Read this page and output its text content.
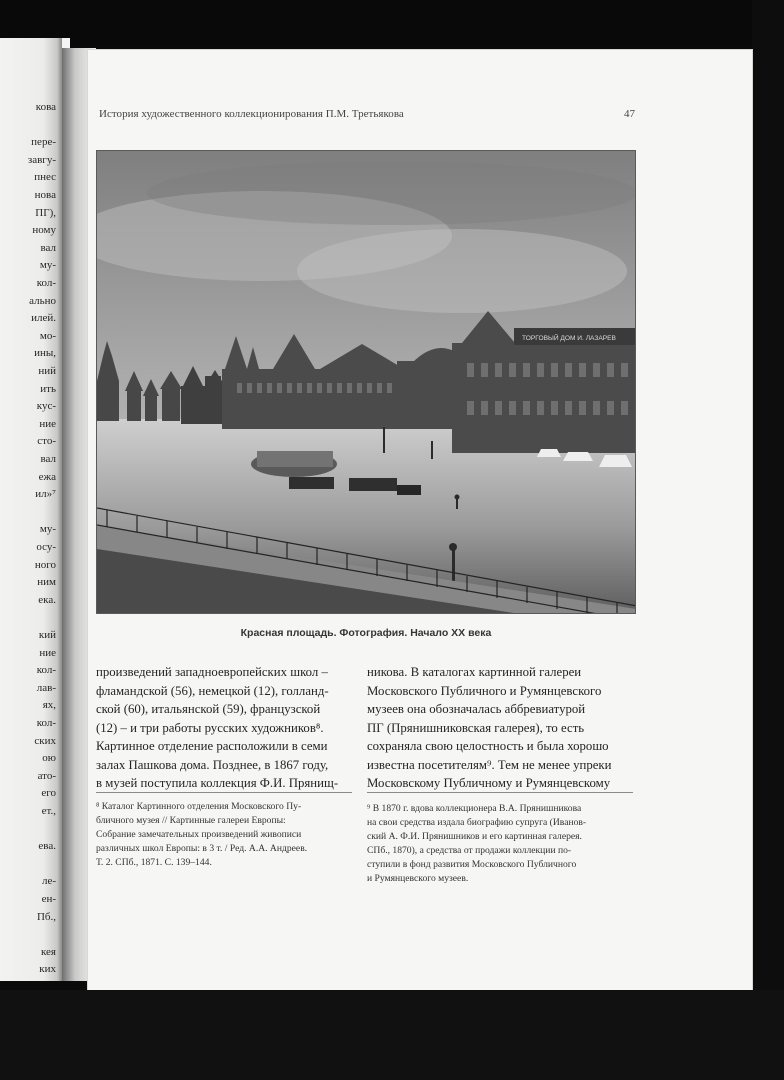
кова
пере-
завгу-
пнес
нова
ПГ),
ному
вал
му-
кол-
ально
илей.
мо-
ины,
ний
ить
кус-
ние
сто-
вал
ежа
ил»⁷
му-
осу-
ного
ним
ека.
кий
ние
кол-
лав-
ях,
кол-
ских
ою
ато-
его
ет.,
ева.
ле-
ен-
Пб.,
кея
ких
История художественного коллекционирования П.М. Третьякова	47
ТОРГОВЫЙ ДОМ И. ЛАЗАРЕВ
Красная площадь. Фотография. Начало XX века
произведений западноевропейских школ –
фламандской (56), немецкой (12), голланд-
ской (60), итальянской (59), французской
(12) – и три работы русских художников⁸.
Картинное отделение расположили в семи
залах Пашкова дома. Позднее, в 1867 году,
в музей поступила коллекция Ф.И. Прянищ-
никова. В каталогах картинной галереи
Московского Публичного и Румянцевского
музеев она обозначалась аббревиатурой
ПГ (Прянишниковская галерея), то есть
сохраняла свою целостность и была хорошо
известна посетителям⁹. Тем не менее упреки
Московскому Публичному и Румянцевскому
⁸ Каталог Картинного отделения Московского Пу-
бличного музея // Картинные галереи Европы:
Собрание замечательных произведений живописи
различных школ Европы: в 3 т. / Ред. А.А. Андреев.
Т. 2. СПб., 1871. С. 139–144.
⁹ В 1870 г. вдова коллекционера В.А. Прянишникова
на свои средства издала биографию супруга (Иванов-
ский А. Ф.И. Прянишников и его картинная галерея.
СПб., 1870), а средства от продажи коллекции по-
ступили в фонд развития Московского Публичного
и Румянцевского музеев.
